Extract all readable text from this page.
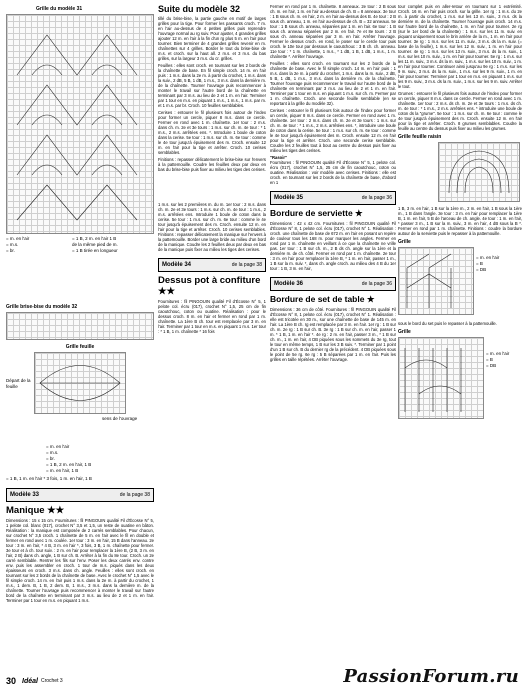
Grille du modèle 31
= m. en l'air
= m.s.
= br.
= 1 B, 2 m. en l'air 1 B
de la même pied de m.
= 1 B tirée en longueur
Grille brise-bise du modèle 32
Grille feuille
Départ de la feuille
sens de l'ouvrage
= m. en l'air
= m.s.
= br.
= 1 B, 2 m. en l'air, 1 B
= m. en l'air, 1 B
= 1 B, 1 m. en l'air * 3 fois, 1 m. en l'air, 1 B
Modèle 33	de la page 38
Manique ★★
Dimensions : 15 x 15 cm. Fournitures : fil PINGOUIN qualité Fil d'Écosse N° 5, 1 pelote col. blanc (017), crochet N° 3,5 et 1,5, un reste de ouatine en bâton. Réalisation : la manique est composée de 2 carrés semblables. Pour chacun, sur crochet N° 3,5 croch. 1 chaînette de 5 m. en l'air avec le fil en double et fermer en rond avec 1 m. coulée. 1er tour : 3 m. en l'air, 15 B dans l'anneau. 2e tour : 3 m. en l'air, * 4 B, 3 m. en l'air *, 3 fois, 3 B, 1 m. chaînette pour fermer. 3e tour et à ch. tour suiv. : 2 m. en l'air pour remplacer la 1ère B, (2 B, 3 m. en l'air, 2 B) dans ch. angle, 1 B sur ch. B. Arrêter à la fin du 8e tour. Croch. un 2e carré semblable. Rentrer les fils sur l'env. Poser les deux carrés env. contre env. puis les assembler en croch. 1 tour de m.s. piqués dans les deux épaisseurs en croch. 3 m.s. dans ch. angle. Feuilles : elles sont croch. en tournant sur les 2 bords de la chaînette de base. Avec le crochet N° 1,5 avec le fil simple croch. 14 m. en l'air puis 1 m.s. dans la 2e m. à partir du crochet, 1 m.s., 1 dem. B, 1 B, 2 dem. B, 1 m.s., 3 m.s. dans la dernière m. de la chaînette. Tourner l'ouvrage puis recommencer à monter le travail sur l'autre bord de la chaînette en terminant par 3 m.s. au lieu de 2 et 1 m. en l'air. Terminer par 1 tour en m.s. en piquant 1 m.s.
Suite du modèle 32
tillé du brise-bise, la partie gauche en motif de larges grilles pour la tige. Pour former les passants croch. 7 m. en l'air au-dessus de 4 petites grilles puis reprendre l'ouvrage normal au rg suiv. Pour ajuster, 4 grandes grilles ajouter 12 m. en l'air à la fin d'un rg plus 5 m. en l'air pour tourner. Bien terminer de 4 grandes grilles revenir en m. chaînettes sur 4 grilles. Border le tout du brise-bise de m.s. et croch. sur la haut all. 2 m.s. et 3 m.s. du bas grilles, sur la largeur 3 m.s. du cr. grilles.
Feuilles : elles sont croch. en tournant sur les 2 bords de la chaînette de base. En fil simple croch. 14 m. en l'air puis : 1 m.s. dans la 2e m. à partir du crochet, 1 m.s. dans la suiv., 2 dB, 5 B, 1 dB, 1 m.s., 3 m.s. dans la dernière m. de la chaînette. Tourner l'ouvrage puis recommencer à monter le travail sur l'autre bord de la chaînette en terminant par 3 m.s. au lieu de 2 et 1 m. en l'air. Terminer par 1 tour en m.s. en piquant 1 m.s., 1 m.s., 1 m.s. par m. et 1 m.s. par br. Croch. 10 feuilles semblables.
Cerises : entourer le fil plusieurs fois autour de l'index pour former un cercle, piquer 8 m.s. dans ce cercle. Fermer en rond avec 1 m. chaînette. 1er tour : 2 m.s. dans ch. m. 2e et 3e tours : 1 m.s. sur ch. m. 4e tour : * 1 m.s., 2 m.s. arrêtées ens. *. Introduire 1 boule de coton dans la cerise. 5e tour : 1 m.s. sur ch. m. 6e tour : comme le 4e tour jusqu'à épuisement des m. Croch. ensuite 12 m. en l'air pour la tige et arrêter. Croch. 10 cerises semblables.
Finitions : repasser délicatement le brise-bise sur l'envers à la pattemouille. Coudre les feuilles deux par deux en bas du brise-bise puis fixer au milieu les tiges des cerises.
1 m.s. sur les 2 premières m. du m. 1er tour : 2 m.s. dans ch. m. 2e et 3e tours : 1 m.s. sur ch. m. 4e tour : 1 m.s., 2 m.s. arrêtées ens. Introduire 1 boule de coton dans la cerise. 5e tour : 1 m.s. sur ch. m. 6e tour : comme le 4e tour jusqu'à épuisement des m. Croch. ensuite 12 m. en l'air pour la tige et arrêter. Croch. 10 cerises semblables. Finitions : repasser délicatement la manique sur l'envers à la pattemouille. Border une large bride au milieu d'un bord de la manique. Coudre les 2 feuilles deux par deux en bas de la manique puis fixer au milieu les tiges des cerises.
Modèle 34	de la page 38
Dessus pot à confiture ★★
Fournitures : fil PINGOUIN qualité Fil d'Écosse N° 5, 1 pelote col. écru (017), crochet N° 1,5, 25 cm de fin caoutchouc, coton ou ouatine. Réalisation : pour le dessus croch. 8 m. en l'air et fermer en rond par 1 m. chaînette. La 1ère B ch. tour est remplacée par 3 m. en l'air. Terminer par 1 tour en m.s. en piquant 1 m.s. 1er tour : * 1 B, 1 m. chaînette * 16 fois
Fermer en rond par 1 m. chaînette. 8 anneaux. 2e tour : 2 B sous ch. m. en l'air, 1 m. en l'air au-dessus de ch. B = 8 anneaux. 3e tour : 1 B sous ch. m. en l'air, 2 m. en l'air au-dessus des B. 4e tour : 2 B sous ch. anneau, 1 m. en l'air au-dessus de ch. B = 32 anneaux. 5e tour : 1 B sous ch. anneau, séparées par 1 m. en l'air. 6e tour : 1 B sous ch. anneau séparées par 2 m. en l'air. 7e et 8e tours : 2 B sous ch. anneau séparées par 3 m. en l'air. Arrêter l'ouvrage. Fermer le dessus croch. en rond, le poser sur le cercle tour puis croch. le 10e tour par dessous le caoutchouc : 3 B ch. ch. anneau. 11e tour : * 1 m. chaînette, 1 m.s., * 1 dB, 1 B, 1 dB, 1 m.s., 1 m. chaînette *. Arrêter l'ouvrage.
Feuilles : elles sont croch. en tournant sur les 2 bords de la chaînette de base. Avec le fil simple croch. 14 m. en l'air puis : 1 m.s. dans la 2e m. à partir du crochet, 1 m.s. dans la m. suiv., 2 dB, 5 B, 1 dB, 1 m.s., 3 m.s. dans la dernière m. de la chaînette. Tourner l'ouvrage puis recommencer le travail sur l'autre bord de la chaînette en terminant par 3 m.s. au lieu de 2 et 1 m. en l'air. Terminer par 1 tour en m.s. en piquant 1 m.s. sur ch. m. Fermer par 1 m. chaînette. Croch. une seconde feuille semblable (en se reportant à la grille du modèle 32).
Cerises : entourer le fil plusieurs fois autour de l'index pour former un cercle, piquer 8 m.s. dans ce cercle. Fermer en rond avec 1 m. chaînette. 1er tour : 2 m.s. dans ch. m. 2e et 3e tours : 1 m.s. sur ch. m. 4e tour : * 1 m.s., 2 m.s. arrêtées ens. *, introduire une boule de coton dans la cerise. 5e tour : 1 m.s. sur ch. m. 6e tour : comme le 4e tour jusqu'à épuisement des m. Croch. ensuite 12 m. en l'air pour la tige et arrêter. Croch. une seconde cerise semblable. Coudre les 2 feuilles tout à bout au centre du dessus puis fixer au milieu les tiges des cerises.
"Rasoir"
Fournitures : fil PINGOUIN qualité Fil d'Écosse N° 5, 1 pelote col. écru (017), crochet N° 1,5, 25 cm de fin caoutchouc, coton ou ouatine. Réalisation : voir modèle avec cerises. Finitions : elle est croch. en tournant sur les 2 bords de la chaînette de base, d'abord en 1
Modèle 35	de la page 36
Bordure de serviette ★
Dimensions : 42 x 42 cm. Fournitures : fil PINGOUIN qualité Fil d'Écosse N° 8, 1 pelote col. écru (017), crochet N° 1. Réalisation : croch. une chaînette de base de 672 m. en l'air en posant un repère de couleur tous les 168 m. pour marquer les angles. Fermer en rond par 1 m. chaînette en veillant à ce que la chaînette ne vrille pas. 1er tour : 1 B sur ch. m., 2 B ds ch. angle sur la 1ère et la dernière m. de ch. côté. Fermer en rond par 1 m. chaînette. 2e tour : 3 m. en l'air pour remplacer la 1ère B, * 1 m. en l'air, passer 1 m., 1 B sur la m. suiv. *, dans ch. angle croch. au milieu des 4 B du 1er tour : 1 B, 3 m. en l'air,
Modèle 36	de la page 36
Bordure de set de table ★
Dimensions : 36 cm de côté. Fournitures : fil PINGOUIN qualité Fil d'Écosse N° 8, 1 pelote col. écru (017), crochet N° 1. Réalisation : elle est tricotée en 30 m., sur une chaînette de base de 145 m. en l'air. La 1ère B ch. rg est remplacée par 3 m. en l'air. 1er rg : 1 B sur ch. m. 2e rg : 1 B sur ch. B. 3e rg : 1 B sur ch. m. en l'air, passer 1 m. * 1 B, 1 m. en l'air *. 4e rg : 2 m. en l'air, passer 3 m., * 1 B sur ch. m., 1 m. en l'air, 4 DB piquées sous les sommets du 3e rg, tout le tour en même temps, 1 B sur les 3 B suiv. *. Terminer par 1 point d'un 1 B sur ch. B du dernier rg de la précédent. 4 DB piquées sous le point de 5e rg. 6e rg : 5 B séparées par 1 m. en l'air. Puis les grilles en taille répétées. Arrêter l'ouvrage.
tour complet puis en aller-retour en tournant sur 1 extrémité. Croch. 16 m. en l'air puis croch. sur la grille. 1er rg : 1 m.s. du 2e m. à partir du crochet, 1 m.s. sur les 13 m. suiv., 3 m.s. ds la dernière m. de la chaînette. Tourner l'ouvrage puis croch. 14 m.s. sur l'autre bord de la chaînette, 1 m. en l'air pour tourner. 2e rg (sur le 1er bord de la chaînette) : 1 m.s. sur les 11 m. suiv. en piquant uniquement sous le brin arrière de la m., 1 m. en l'air pour tourner. 3e rg : 1 m.s. sur les 11 m. suiv., 3 m.s. ds la m. suiv. (= base de la feuille), 1 m.s. sur les 12 m. suiv., 1 m. en l'air pour tourner. 4e rg : 1 m.s. sur les 13 m. suiv., 3 m.s. ds la m. suiv., 1 m.s. sur les 10 m. suiv., 1 m. en l'air pour tourner. 5e rg : 1 m.s. sur les 11 m. suiv., 3 m.s. ds la m. suiv., 1 m.s. sur les 10 m. suiv., 1 m. en l'air pour tourner. Continuer ainsi jusqu'au 9e rg : 1 m.s. sur les 9 m. suiv., 3 m.s. ds la m. suiv., 1 m.s. sur les 9 m. suiv., 1 m. en l'air pour tourner. Terminer par 1 tour en m.s. en piquant 1 m.s. sur les 9 m. suiv., 3 m.s. ds la m. suiv., 1 m.s. sur les 9 m. suiv. Arrêter le tout.
Grumes : entourer le fil plusieurs fois autour de l'index pour former un cercle, piquer 8 m.s. dans ce cercle. Fermer en rond avec 1 m. chaînette. 1er tour : 2 m.s. ds ch. m. 2e et 3e tours : 1 m.s. ds ch. m. 4e tour : * 1 m.s., 2 m.s. arrêtées ens. * introduire une boule de coton ds la "grume". 5e tour : 1 m.s. sur ch. m. 6e tour : comme le 4e tour jusqu'à épuisement des m. Croch. ensuite 12 m. en l'air pour la tige et arrêter. Croch. 8 grumes semblables. Coudre la feuille au centre du dessus puis fixer au milieu les grumes.
Grille feuille raisin
1 B, 3 m. en l'air, 1 B sur la 1ère m., 2 m. en l'air, 1 B sous la 1ère m., 1 B dans l'angle. 3e tour : 3 m. en l'air pour remplacer la 1ère B, 1 m. en l'air, 5 B de l'arceau de ch. angle. 4e tour : 1 m. en l'air, * passer 3 m., 1 B sur la m. suiv., 3 m. en l'air, 4 dB sous la B *. Fermer en rond par 1 m. chaînette. Finitions : coudre la bordure autour de la serviette puis le repasser à la pattemouille.
Grille
= m. en l'air
= B
= DB
sous le bord du set puis le repasser à la pattemouille.
Grille
= m. en l'air
= B
= DB
30 Idéal Crochet 3	PassionForum.ru
